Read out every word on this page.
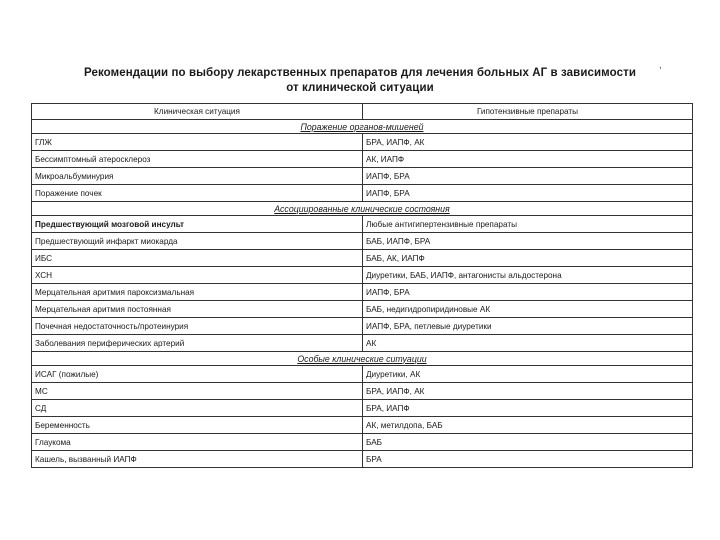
Рекомендации по выбору лекарственных препаратов для лечения больных АГ в зависимости
от клинической ситуации
,
Клиническая ситуация	Гипотензивные препараты
Поражение органов-мишеней	
ГЛЖ	БРА, ИАПФ, АК
Бессимптомный атеросклероз	АК, ИАПФ
Микроальбуминурия	ИАПФ, БРА
Поражение почек	ИАПФ, БРА
Ассоциированные клинические состояния	
Предшествующий мозговой инсульт	Любые антигипертензивные препараты
Предшествующий инфаркт миокарда	БАБ, ИАПФ, БРА
ИБС	БАБ, АК, ИАПФ
ХСН	Диуретики, БАБ, ИАПФ, антагонисты альдостерона
Мерцательная аритмия пароксизмальная	ИАПФ, БРА
Мерцательная аритмия постоянная	БАБ, недигидропиридиновые АК
Почечная недостаточность/протеинурия	ИАПФ, БРА, петлевые диуретики
Заболевания периферических артерий	АК
Особые клинические ситуации	
ИСАГ (пожилые)	Диуретики, АК
МС	БРА, ИАПФ, АК
СД	БРА, ИАПФ
Беременность	АК, метилдопа, БАБ
Глаукома	БАБ
Кашель, вызванный ИАПФ	БРА
